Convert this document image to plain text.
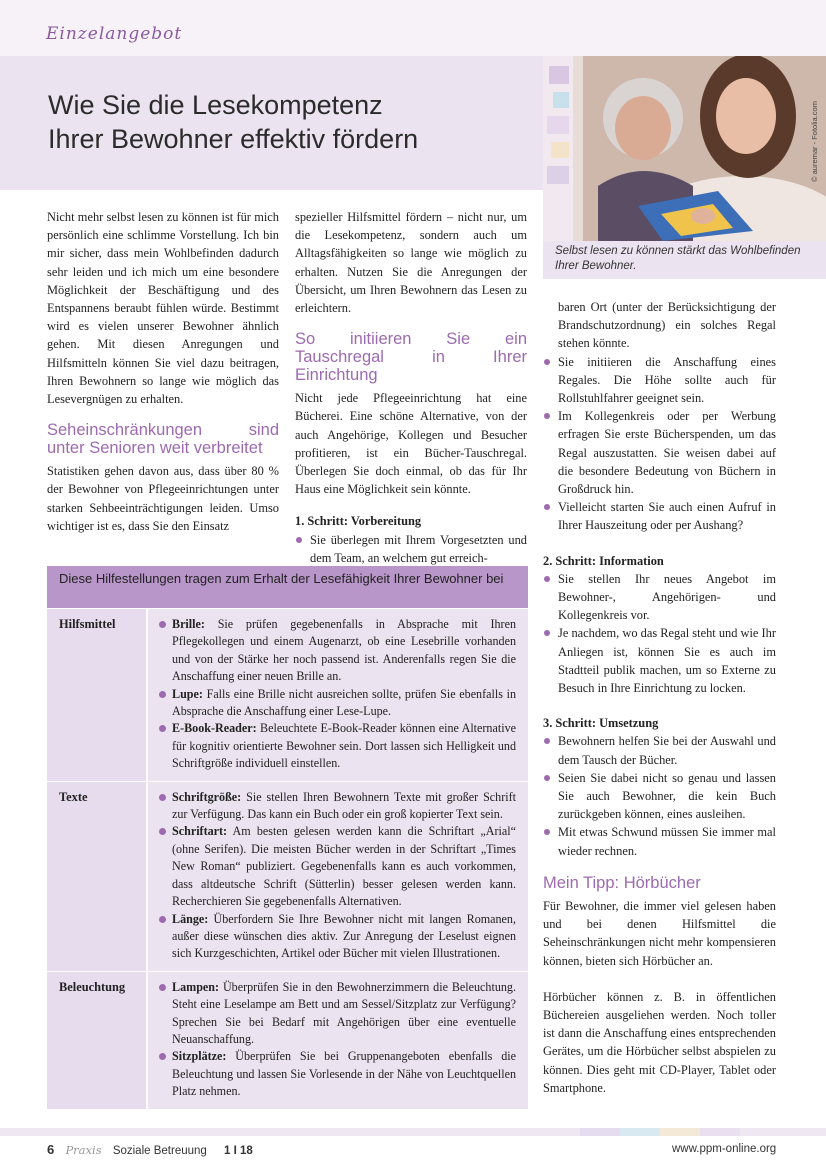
Einzelangebot
Wie Sie die Lesekompetenz
Ihrer Bewohner effektiv fördern	© auremar - Fotolia.com
Selbst lesen zu können stärkt das Wohlbefinden Ihrer Bewohner.

Nicht mehr selbst lesen zu können ist für mich persönlich eine schlimme Vorstellung. Ich bin mir sicher, dass mein Wohlbefinden dadurch sehr leiden und ich mich um eine besondere Möglichkeit der Beschäftigung und des Entspannens beraubt fühlen würde. Bestimmt wird es vielen unserer Bewohner ähnlich gehen. Mit diesen Anregungen und Hilfsmitteln können Sie viel dazu beitragen, Ihren Bewohnern so lange wie möglich das Lesevergnügen zu erhalten.

Seheinschränkungen sind unter Senioren weit verbreitet

Statistiken gehen davon aus, dass über 80 % der Bewohner von Pflegeeinrichtungen unter starken Sehbeeinträchtigungen leiden. Umso wichtiger ist es, dass Sie den Einsatz

spezieller Hilfsmittel fördern – nicht nur, um die Lesekompetenz, sondern auch um Alltagsfähigkeiten so lange wie möglich zu erhalten. Nutzen Sie die Anregungen der Übersicht, um Ihren Bewohnern das Lesen zu erleichtern.

So initiieren Sie ein Tauschregal in Ihrer Einrichtung

Nicht jede Pflegeeinrichtung hat eine Bücherei. Eine schöne Alternative, von der auch Angehörige, Kollegen und Besucher profitieren, ist ein Bücher-Tauschregal. Überlegen Sie doch einmal, ob das für Ihr Haus eine Möglichkeit sein könnte.

1. Schritt: Vorbereitung
Sie überlegen mit Ihrem Vorgesetzten und dem Team, an welchem gut erreich-

baren Ort (unter der Berücksichtigung der Brandschutzordnung) ein solches Regal stehen könnte.

Sie initiieren die Anschaffung eines Regales. Die Höhe sollte auch für Rollstuhlfahrer geeignet sein.
Im Kollegenkreis oder per Werbung erfragen Sie erste Bücherspenden, um das Regal auszustatten. Sie weisen dabei auf die besondere Bedeutung von Büchern in Großdruck hin.
Vielleicht starten Sie auch einen Aufruf in Ihrer Hauszeitung oder per Aushang?
2. Schritt: Information
Sie stellen Ihr neues Angebot im Bewohner-, Angehörigen- und Kollegenkreis vor.
Je nachdem, wo das Regal steht und wie Ihr Anliegen ist, können Sie es auch im Stadtteil publik machen, um so Externe zu Besuch in Ihre Einrichtung zu locken.
3. Schritt: Umsetzung
Bewohnern helfen Sie bei der Auswahl und dem Tausch der Bücher.
Seien Sie dabei nicht so genau und lassen Sie auch Bewohner, die kein Buch zurückgeben können, eines ausleihen.
Mit etwas Schwund müssen Sie immer mal wieder rechnen.
Mein Tipp: Hörbücher

Für Bewohner, die immer viel gelesen haben und bei denen Hilfsmittel die Seheinschränkungen nicht mehr kompensieren können, bieten sich Hörbücher an.

Hörbücher können z. B. in öffentlichen Büchereien ausgeliehen werden. Noch toller ist dann die Anschaffung eines entsprechenden Gerätes, um die Hörbücher selbst abspielen zu können. Dies geht mit CD-Player, Tablet oder Smartphone.

Diese Hilfestellungen tragen zum Erhalt der Lesefähigkeit Ihrer Bewohner bei
Hilfsmittel	Brille: Sie prüfen gegebenenfalls in Absprache mit Ihren Pflegekollegen und einem Augenarzt, ob eine Lesebrille vorhanden und von der Stärke her noch passend ist. Anderenfalls regen Sie die Anschaffung einer neuen Brille an.
Lupe: Falls eine Brille nicht ausreichen sollte, prüfen Sie ebenfalls in Absprache die Anschaffung einer Lese-Lupe.
E-Book-Reader: Beleuchtete E-Book-Reader können eine Alternative für kognitiv orientierte Bewohner sein. Dort lassen sich Helligkeit und Schriftgröße individuell einstellen.
Texte	Schriftgröße: Sie stellen Ihren Bewohnern Texte mit großer Schrift zur Verfügung. Das kann ein Buch oder ein groß kopierter Text sein.
Schriftart: Am besten gelesen werden kann die Schriftart „Arial“ (ohne Serifen). Die meisten Bücher werden in der Schriftart „Times New Roman“ publiziert. Gegebenenfalls kann es auch vorkommen, dass altdeutsche Schrift (Sütterlin) besser gelesen werden kann. Recherchieren Sie gegebenenfalls Alternativen.
Länge: Überfordern Sie Ihre Bewohner nicht mit langen Romanen, außer diese wünschen dies aktiv. Zur Anregung der Leselust eignen sich Kurzgeschichten, Artikel oder Bücher mit vielen Illustrationen.
Beleuchtung	Lampen: Überprüfen Sie in den Bewohnerzimmern die Beleuchtung. Steht eine Leselampe am Bett und am Sessel/Sitzplatz zur Verfügung? Sprechen Sie bei Bedarf mit Angehörigen über eine eventuelle Neuanschaffung.
Sitzplätze: Überprüfen Sie bei Gruppenangeboten ebenfalls die Beleuchtung und lassen Sie Vorlesende in der Nähe von Leuchtquellen Platz nehmen.
6 Praxis Soziale Betreuung 1 I 18	www.ppm-online.org
